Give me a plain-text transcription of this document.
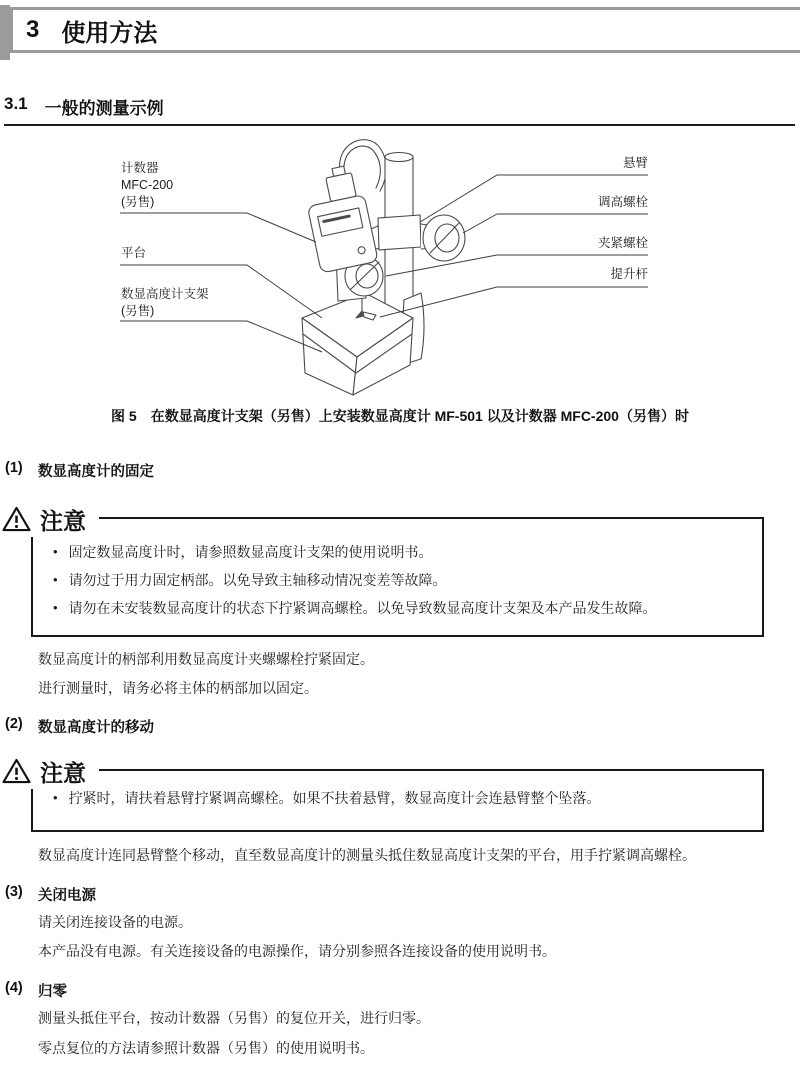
3 使用方法
3.1 一般的测量示例
计数器
MFC-200
(另售)
平台
数显高度计支架
(另售)
悬臂
调高螺栓
夹紧螺栓
提升杆
图 5　在数显高度计支架（另售）上安装数显高度计 MF-501 以及计数器 MFC-200（另售）时
(1)	数显高度计的固定
注意
• 固定数显高度计时，请参照数显高度计支架的使用说明书。
• 请勿过于用力固定柄部。以免导致主轴移动情况变差等故障。
• 请勿在未安装数显高度计的状态下拧紧调高螺栓。以免导致数显高度计支架及本产品发生故障。
数显高度计的柄部利用数显高度计夹螺螺栓拧紧固定。
进行测量时，请务必将主体的柄部加以固定。
(2)	数显高度计的移动
注意
• 拧紧时，请扶着悬臂拧紧调高螺栓。如果不扶着悬臂，数显高度计会连悬臂整个坠落。
数显高度计连同悬臂整个移动，直至数显高度计的测量头抵住数显高度计支架的平台，用手拧紧调高螺栓。
(3)	关闭电源
请关闭连接设备的电源。
本产品没有电源。有关连接设备的电源操作，请分别参照各连接设备的使用说明书。
(4)	归零
测量头抵住平台，按动计数器（另售）的复位开关，进行归零。
零点复位的方法请参照计数器（另售）的使用说明书。
